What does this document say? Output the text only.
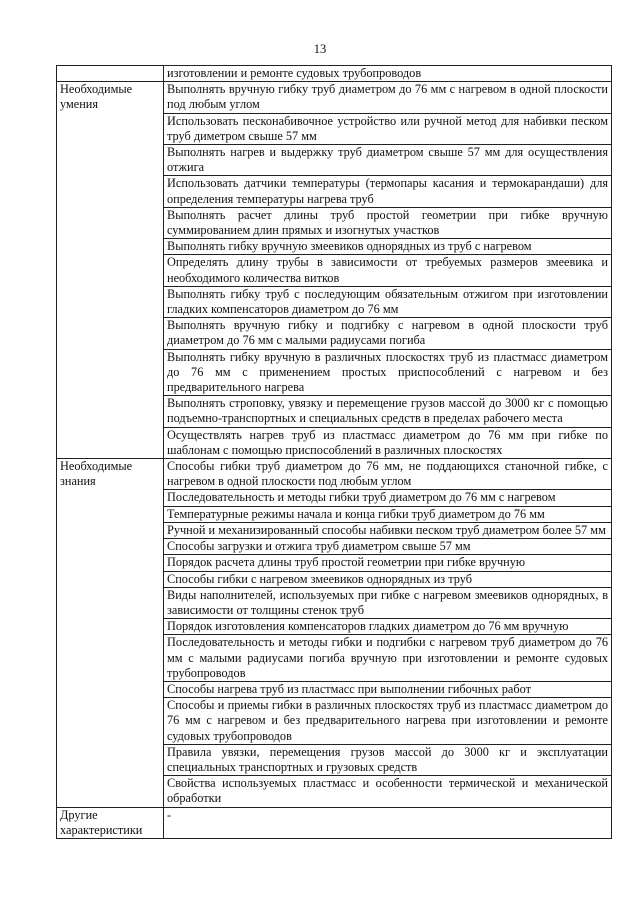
13
	изготовлении и ремонте судовых трубопроводов
Необходимые умения	Выполнять вручную гибку труб диаметром до 76 мм с нагревом в одной плоскости под любым углом
	Использовать песконабивочное устройство или ручной метод для набивки песком труб диметром свыше 57 мм
	Выполнять нагрев и выдержку труб диаметром свыше 57 мм для осуществления отжига
	Использовать датчики температуры (термопары касания и термокарандаши) для определения температуры нагрева труб
	Выполнять расчет длины труб простой геометрии при гибке вручную суммированием длин прямых и изогнутых участков
	Выполнять гибку вручную змеевиков однорядных из труб с нагревом
	Определять длину трубы в зависимости от требуемых размеров змеевика и необходимого количества витков
	Выполнять гибку труб с последующим обязательным отжигом при изготовлении гладких компенсаторов диаметром до 76 мм
	Выполнять вручную гибку и подгибку с нагревом в одной плоскости труб диаметром до 76 мм с малыми радиусами погиба
	Выполнять гибку вручную в различных плоскостях труб из пластмасс диаметром до 76 мм с применением простых приспособлений с нагревом и без предварительного нагрева
	Выполнять строповку, увязку и перемещение грузов массой до 3000 кг с помощью подъемно-транспортных и специальных средств в пределах рабочего места
	Осуществлять нагрев труб из пластмасс диаметром до 76 мм при гибке по шаблонам с помощью приспособлений в различных плоскостях
Необходимые знания	Способы гибки труб диаметром до 76 мм, не поддающихся станочной гибке, с нагревом в одной плоскости под любым углом
	Последовательность и методы гибки труб диаметром до 76 мм с нагревом
	Температурные режимы начала и конца гибки труб диаметром до 76 мм
	Ручной и механизированный способы набивки песком труб диаметром более 57 мм
	Способы загрузки и отжига труб диаметром свыше 57 мм
	Порядок расчета длины труб простой геометрии при гибке вручную
	Способы гибки с нагревом змеевиков однорядных из труб
	Виды наполнителей, используемых при гибке с нагревом змеевиков однорядных, в зависимости от толщины стенок труб
	Порядок изготовления компенсаторов гладких диаметром до 76 мм вручную
	Последовательность и методы гибки и подгибки с нагревом труб диаметром до 76 мм с малыми радиусами погиба вручную при изготовлении и ремонте судовых трубопроводов
	Способы нагрева труб из пластмасс при выполнении гибочных работ
	Способы и приемы гибки в различных плоскостях труб из пластмасс диаметром до 76 мм с нагревом и без предварительного нагрева при изготовлении и ремонте судовых трубопроводов
	Правила увязки, перемещения грузов массой до 3000 кг и эксплуатации специальных транспортных и грузовых средств
	Свойства используемых пластмасс и особенности термической и механической обработки
Другие характеристики	-
